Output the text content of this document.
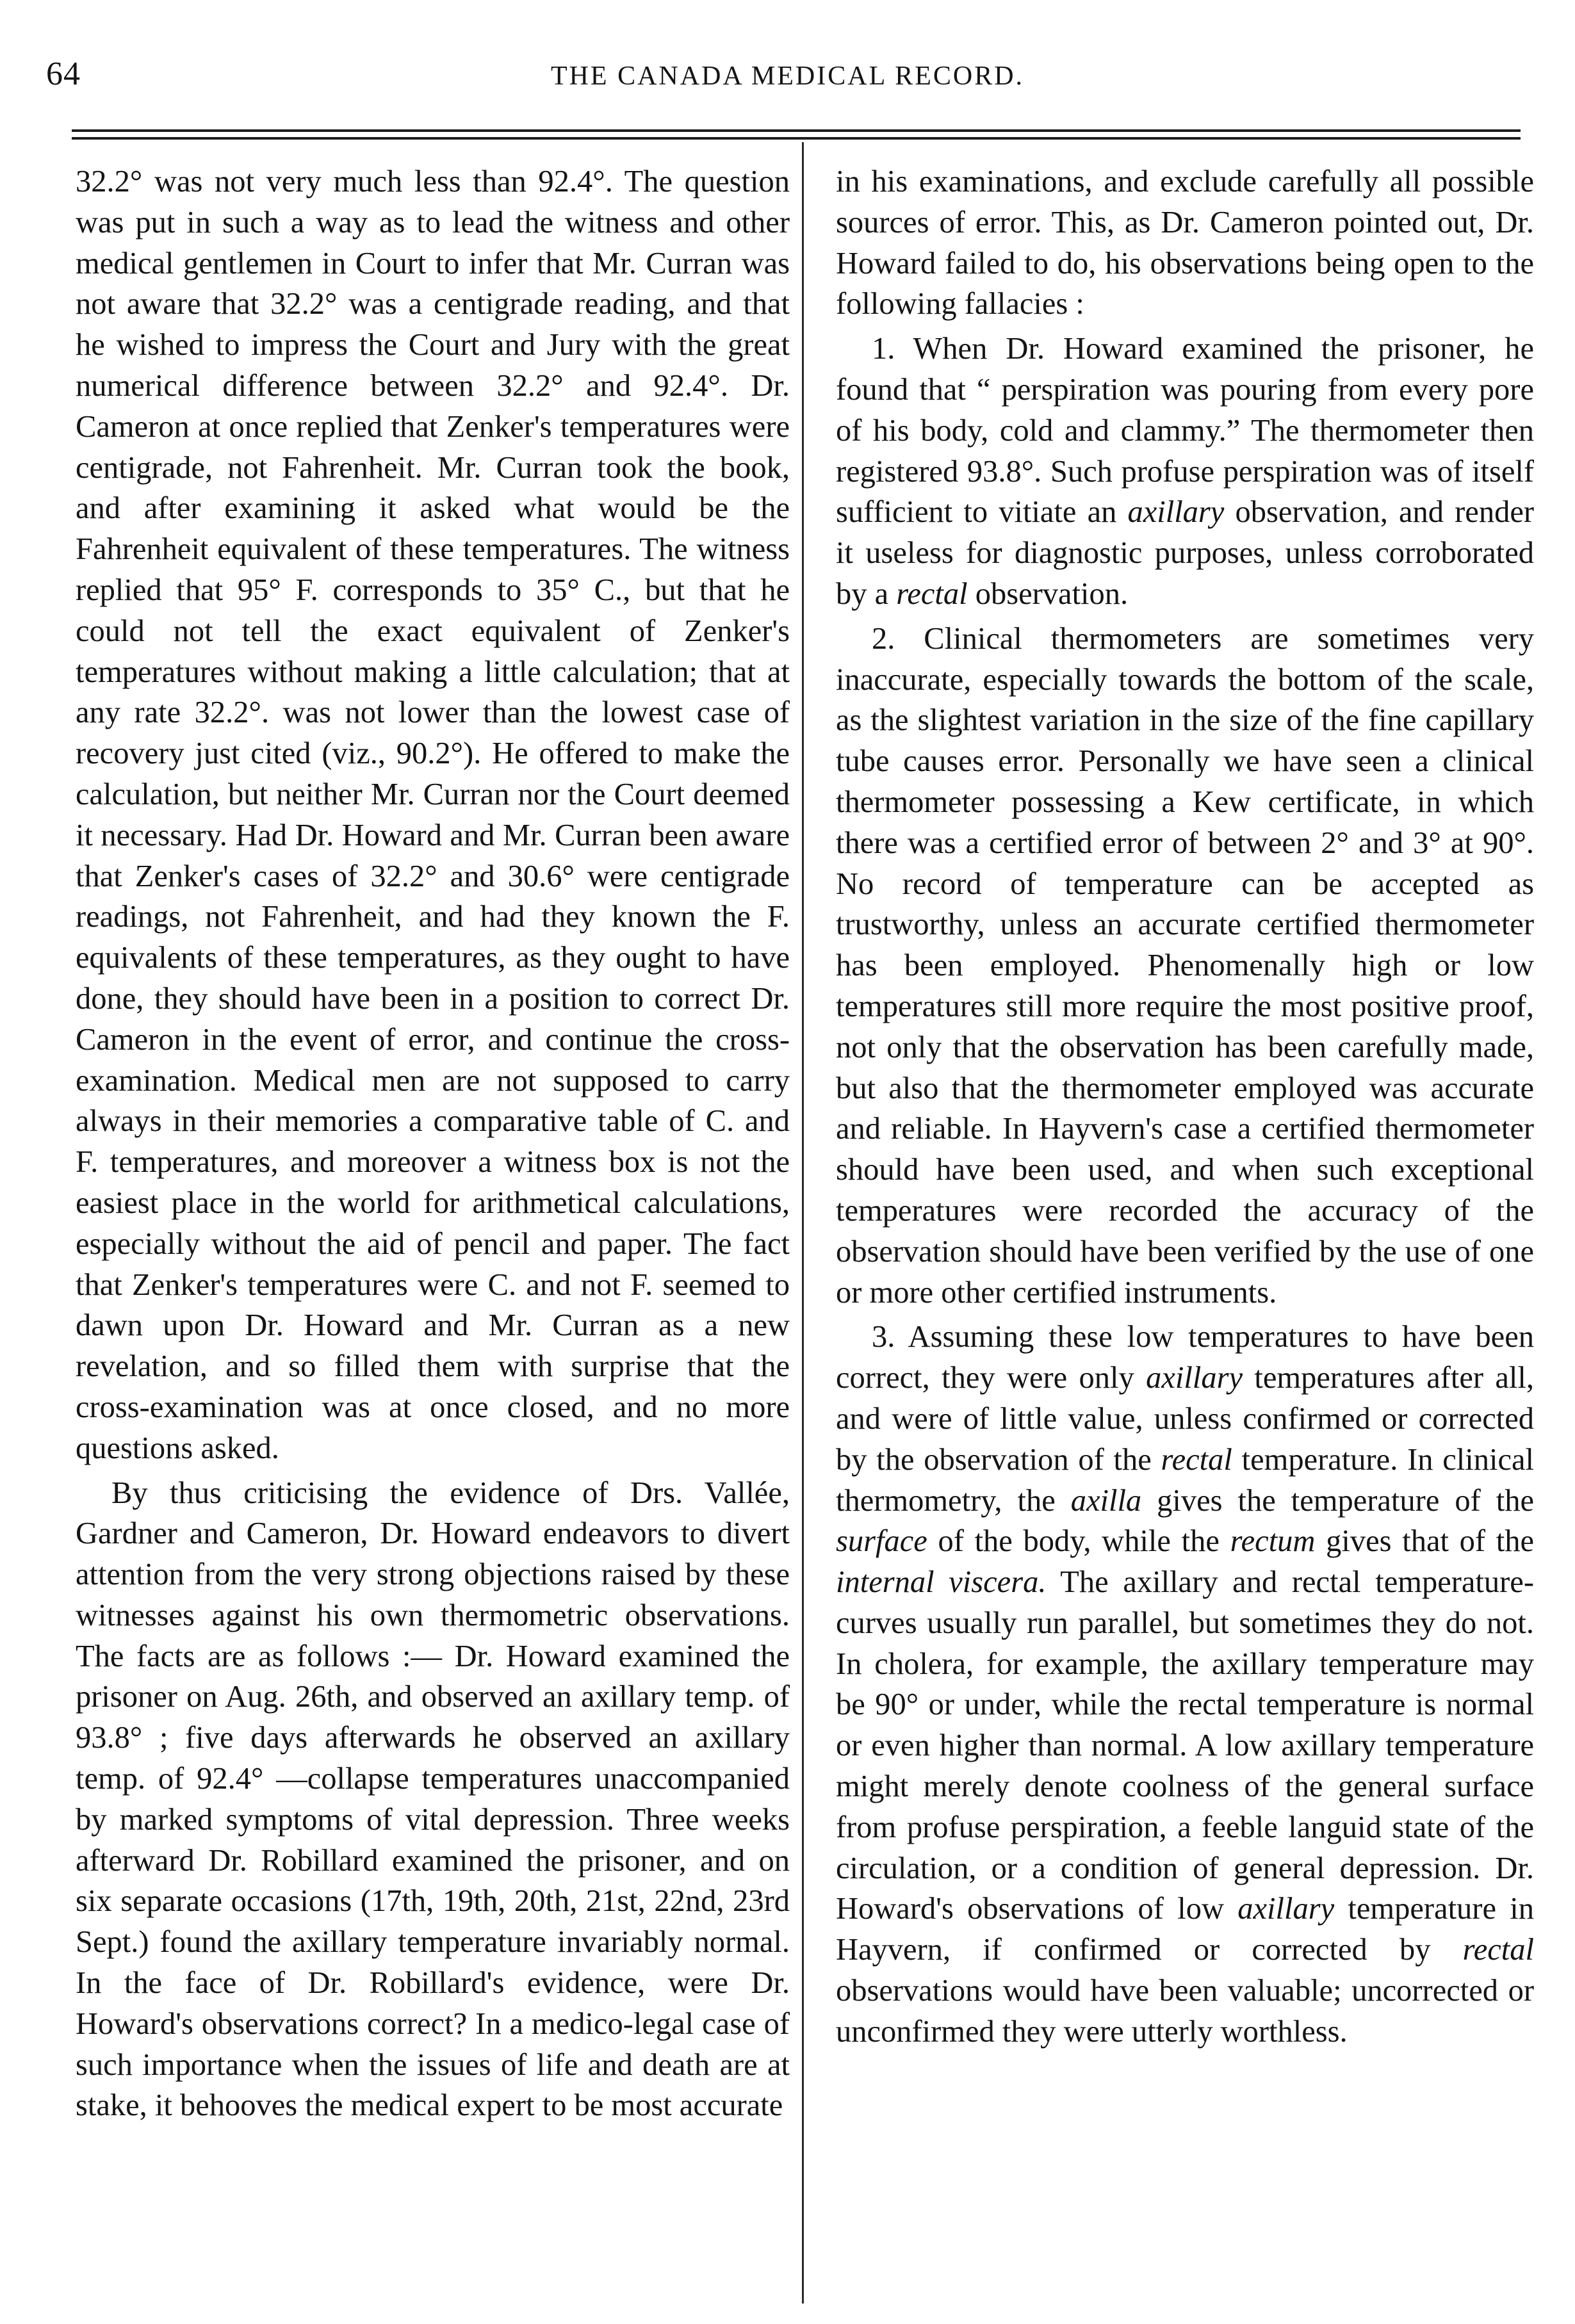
64	THE CANADA MEDICAL RECORD.

32.2° was not very much less than 92.4°. The question was put in such a way as to lead the witness and other medical gentlemen in Court to infer that Mr. Curran was not aware that 32.2° was a centigrade reading, and that he wished to impress the Court and Jury with the great numerical difference between 32.2° and 92.4°. Dr. Cameron at once replied that Zenker's temperatures were centigrade, not Fahrenheit. Mr. Curran took the book, and after examining it asked what would be the Fahrenheit equivalent of these temperatures. The witness replied that 95° F. corresponds to 35° C., but that he could not tell the exact equivalent of Zenker's temperatures without making a little calculation; that at any rate 32.2°. was not lower than the lowest case of recovery just cited (viz., 90.2°). He offered to make the calculation, but neither Mr. Curran nor the Court deemed it necessary. Had Dr. Howard and Mr. Curran been aware that Zenker's cases of 32.2° and 30.6° were centigrade readings, not Fahrenheit, and had they known the F. equivalents of these temperatures, as they ought to have done, they should have been in a position to correct Dr. Cameron in the event of error, and continue the cross-examination. Medical men are not supposed to carry always in their memories a comparative table of C. and F. temperatures, and moreover a witness box is not the easiest place in the world for arithmetical calculations, especially without the aid of pencil and paper. The fact that Zenker's temperatures were C. and not F. seemed to dawn upon Dr. Howard and Mr. Curran as a new revelation, and so filled them with surprise that the cross-examination was at once closed, and no more questions asked.

By thus criticising the evidence of Drs. Vallée, Gardner and Cameron, Dr. Howard endeavors to divert attention from the very strong objections raised by these witnesses against his own thermometric observations. The facts are as follows :— Dr. Howard examined the prisoner on Aug. 26th, and observed an axillary temp. of 93.8° ; five days afterwards he observed an axillary temp. of 92.4° —collapse temperatures unaccompanied by marked symptoms of vital depression. Three weeks afterward Dr. Robillard examined the prisoner, and on six separate occasions (17th, 19th, 20th, 21st, 22nd, 23rd Sept.) found the axillary temperature invariably normal. In the face of Dr. Robillard's evidence, were Dr. Howard's observations correct? In a medico-legal case of such importance when the issues of life and death are at stake, it behooves the medical expert to be most accurate

in his examinations, and exclude carefully all possible sources of error. This, as Dr. Cameron pointed out, Dr. Howard failed to do, his observations being open to the following fallacies :

1. When Dr. Howard examined the prisoner, he found that “ perspiration was pouring from every pore of his body, cold and clammy.” The thermometer then registered 93.8°. Such profuse perspiration was of itself sufficient to vitiate an axillary observation, and render it useless for diagnostic purposes, unless corroborated by a rectal observation.

2. Clinical thermometers are sometimes very inaccurate, especially towards the bottom of the scale, as the slightest variation in the size of the fine capillary tube causes error. Personally we have seen a clinical thermometer possessing a Kew certificate, in which there was a certified error of between 2° and 3° at 90°. No record of temperature can be accepted as trustworthy, unless an accurate certified thermometer has been employed. Phenomenally high or low temperatures still more require the most positive proof, not only that the observation has been carefully made, but also that the thermometer employed was accurate and reliable. In Hayvern's case a certified thermometer should have been used, and when such exceptional temperatures were recorded the accuracy of the observation should have been verified by the use of one or more other certified instruments.

3. Assuming these low temperatures to have been correct, they were only axillary temperatures after all, and were of little value, unless confirmed or corrected by the observation of the rectal temperature. In clinical thermometry, the axilla gives the temperature of the surface of the body, while the rectum gives that of the internal viscera. The axillary and rectal temperature-curves usually run parallel, but sometimes they do not. In cholera, for example, the axillary temperature may be 90° or under, while the rectal temperature is normal or even higher than normal. A low axillary temperature might merely denote coolness of the general surface from profuse perspiration, a feeble languid state of the circulation, or a condition of general depression. Dr. Howard's observations of low axillary temperature in Hayvern, if confirmed or corrected by rectal observations would have been valuable; uncorrected or unconfirmed they were utterly worthless.
